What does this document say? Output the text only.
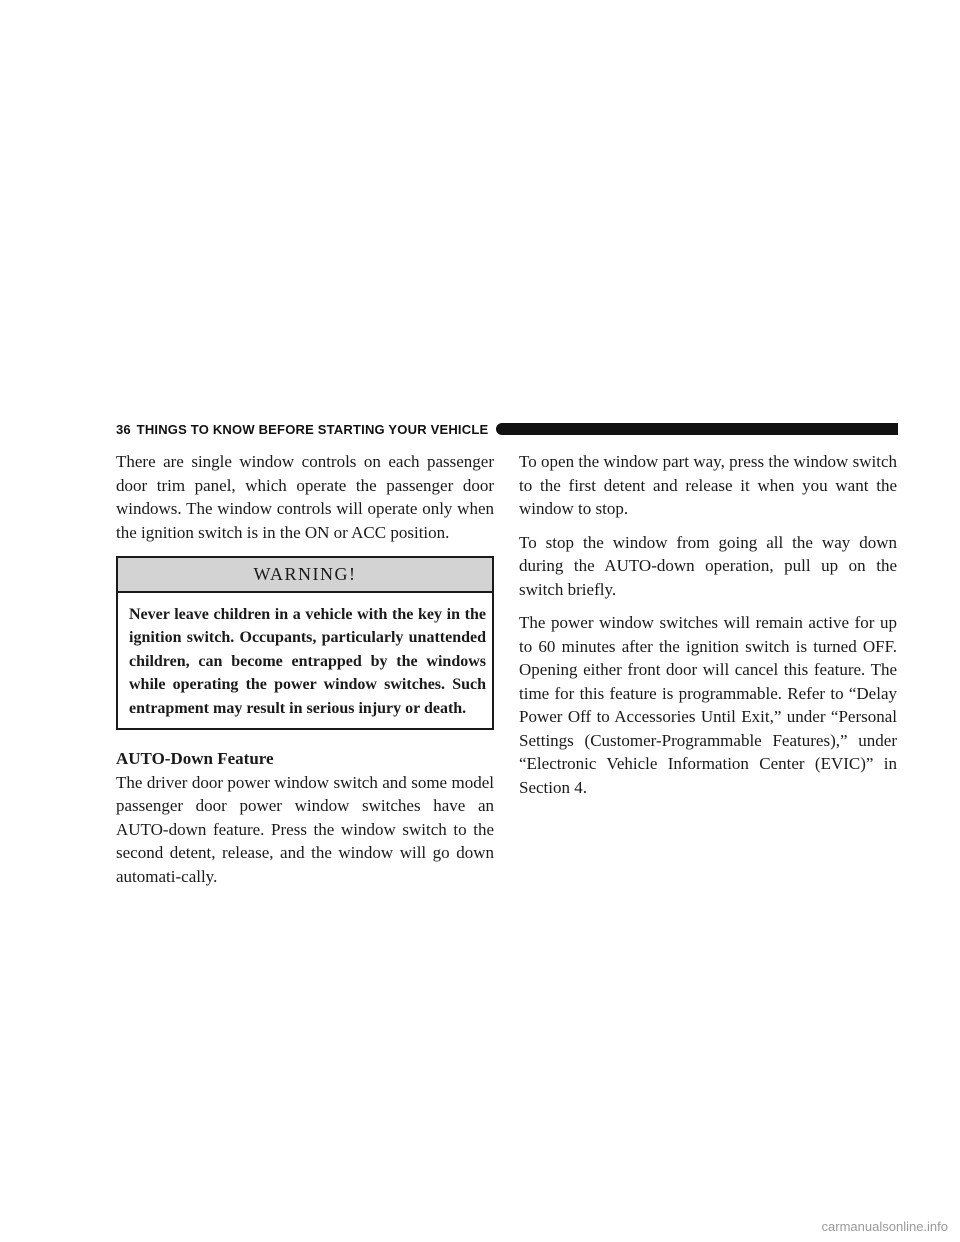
36 THINGS TO KNOW BEFORE STARTING YOUR VEHICLE

There are single window controls on each passenger door trim panel, which operate the passenger door windows. The window controls will operate only when the ignition switch is in the ON or ACC position.

WARNING!
Never leave children in a vehicle with the key in the ignition switch. Occupants, particularly unattended children, can become entrapped by the windows while operating the power window switches. Such entrapment may result in serious injury or death.
AUTO-Down Feature

The driver door power window switch and some model passenger door power window switches have an AUTO-down feature. Press the window switch to the second detent, release, and the window will go down automati-cally.

To open the window part way, press the window switch to the first detent and release it when you want the window to stop.

To stop the window from going all the way down during the AUTO-down operation, pull up on the switch briefly.

The power window switches will remain active for up to 60 minutes after the ignition switch is turned OFF. Opening either front door will cancel this feature. The time for this feature is programmable. Refer to “Delay Power Off to Accessories Until Exit,” under “Personal Settings (Customer-Programmable Features),” under “Electronic Vehicle Information Center (EVIC)” in Section 4.

carmanualsonline.info
